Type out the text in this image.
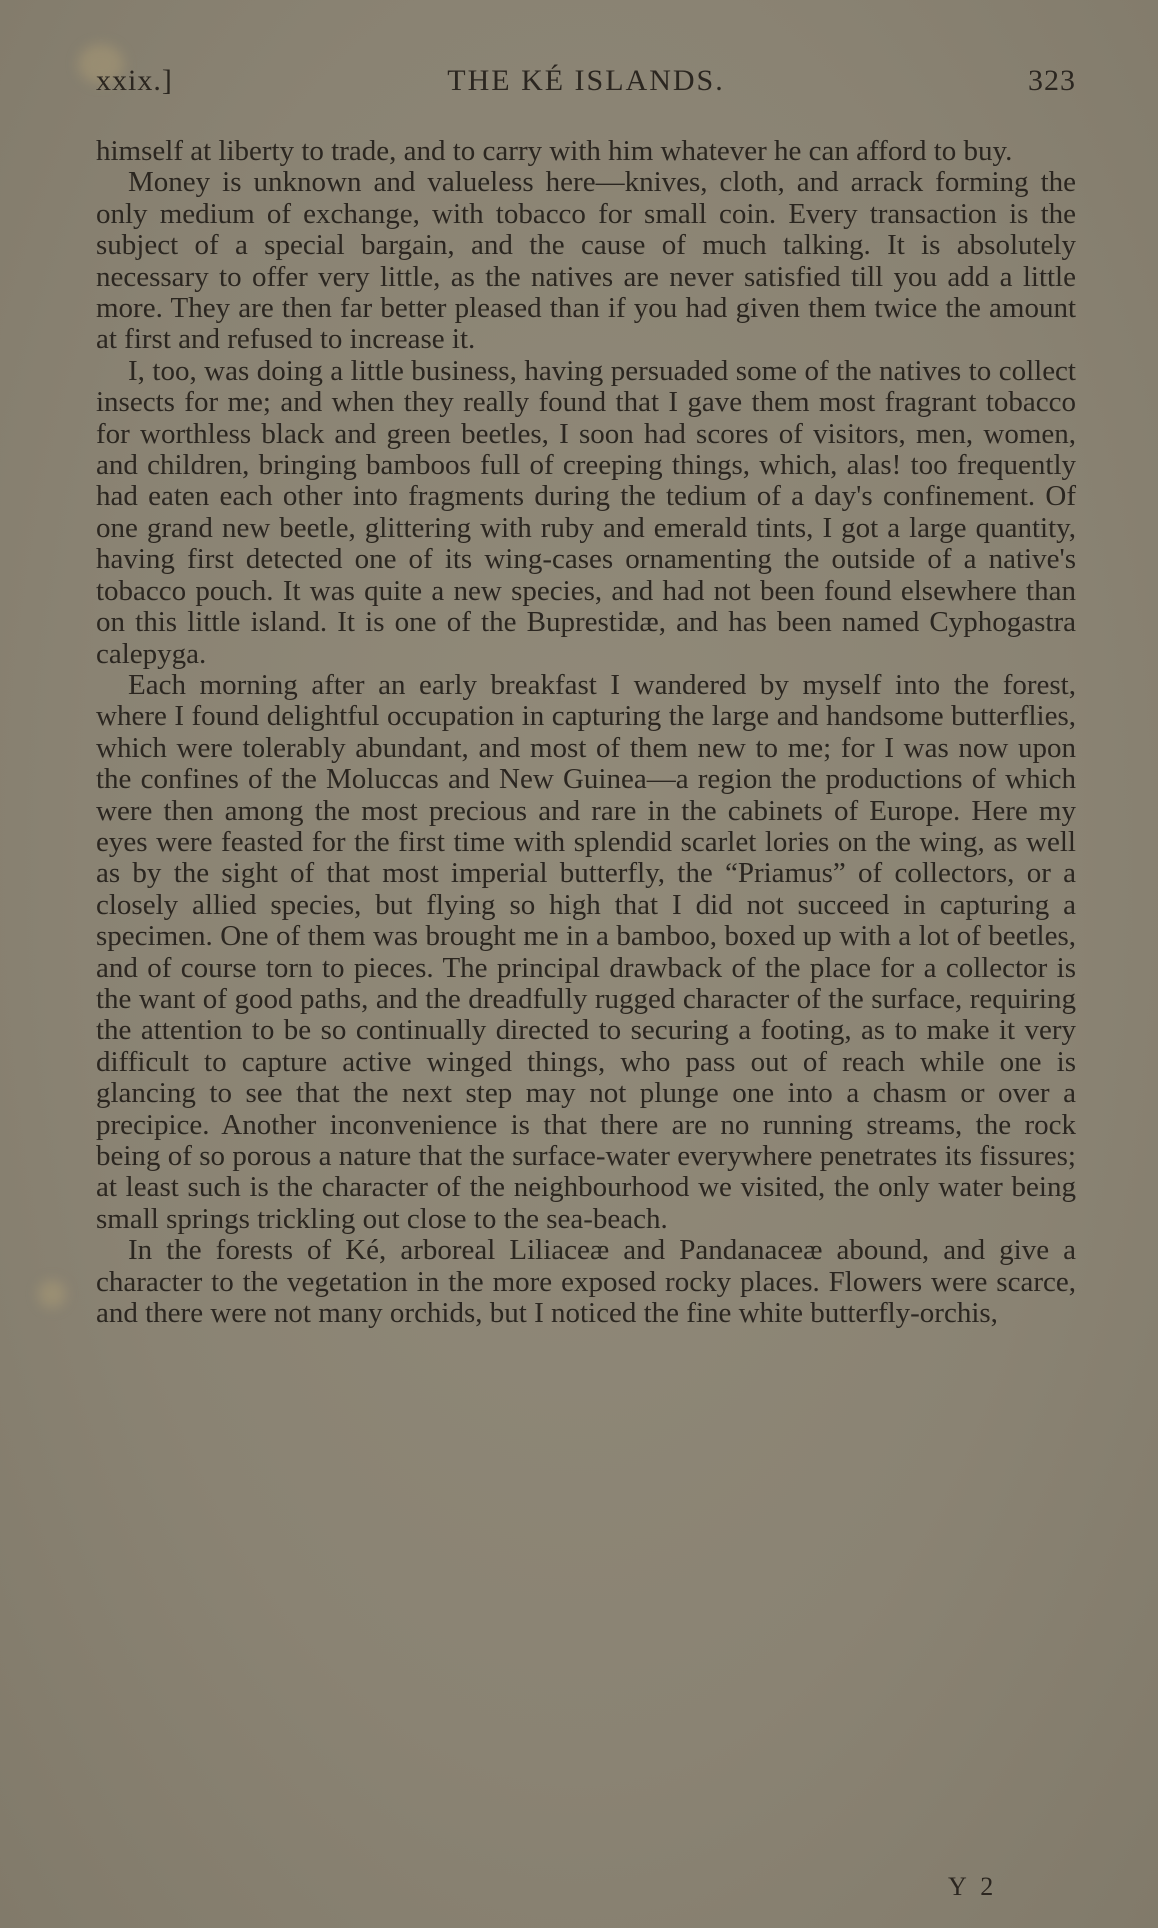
xxix.]	THE KÉ ISLANDS.	323

himself at liberty to trade, and to carry with him whatever he can afford to buy.

Money is unknown and valueless here—knives, cloth, and arrack forming the only medium of exchange, with tobacco for small coin. Every transaction is the subject of a special bargain, and the cause of much talking. It is absolutely necessary to offer very little, as the natives are never satisfied till you add a little more. They are then far better pleased than if you had given them twice the amount at first and refused to increase it.

I, too, was doing a little business, having persuaded some of the natives to collect insects for me; and when they really found that I gave them most fragrant tobacco for worthless black and green beetles, I soon had scores of visitors, men, women, and children, bringing bamboos full of creeping things, which, alas! too frequently had eaten each other into fragments during the tedium of a day's confinement. Of one grand new beetle, glittering with ruby and emerald tints, I got a large quantity, having first detected one of its wing-cases ornamenting the outside of a native's tobacco pouch. It was quite a new species, and had not been found elsewhere than on this little island. It is one of the Buprestidæ, and has been named Cyphogastra calepyga.

Each morning after an early breakfast I wandered by myself into the forest, where I found delightful occupation in capturing the large and handsome butterflies, which were tolerably abundant, and most of them new to me; for I was now upon the confines of the Moluccas and New Guinea—a region the productions of which were then among the most precious and rare in the cabinets of Europe. Here my eyes were feasted for the first time with splendid scarlet lories on the wing, as well as by the sight of that most imperial butterfly, the “Priamus” of collectors, or a closely allied species, but flying so high that I did not succeed in capturing a specimen. One of them was brought me in a bamboo, boxed up with a lot of beetles, and of course torn to pieces. The principal drawback of the place for a collector is the want of good paths, and the dreadfully rugged character of the surface, requiring the attention to be so continually directed to securing a footing, as to make it very difficult to capture active winged things, who pass out of reach while one is glancing to see that the next step may not plunge one into a chasm or over a precipice. Another inconvenience is that there are no running streams, the rock being of so porous a nature that the surface-water everywhere penetrates its fissures; at least such is the character of the neighbourhood we visited, the only water being small springs trickling out close to the sea-beach.

In the forests of Ké, arboreal Liliaceæ and Pandanaceæ abound, and give a character to the vegetation in the more exposed rocky places. Flowers were scarce, and there were not many orchids, but I noticed the fine white butterfly-orchis,

Y 2
